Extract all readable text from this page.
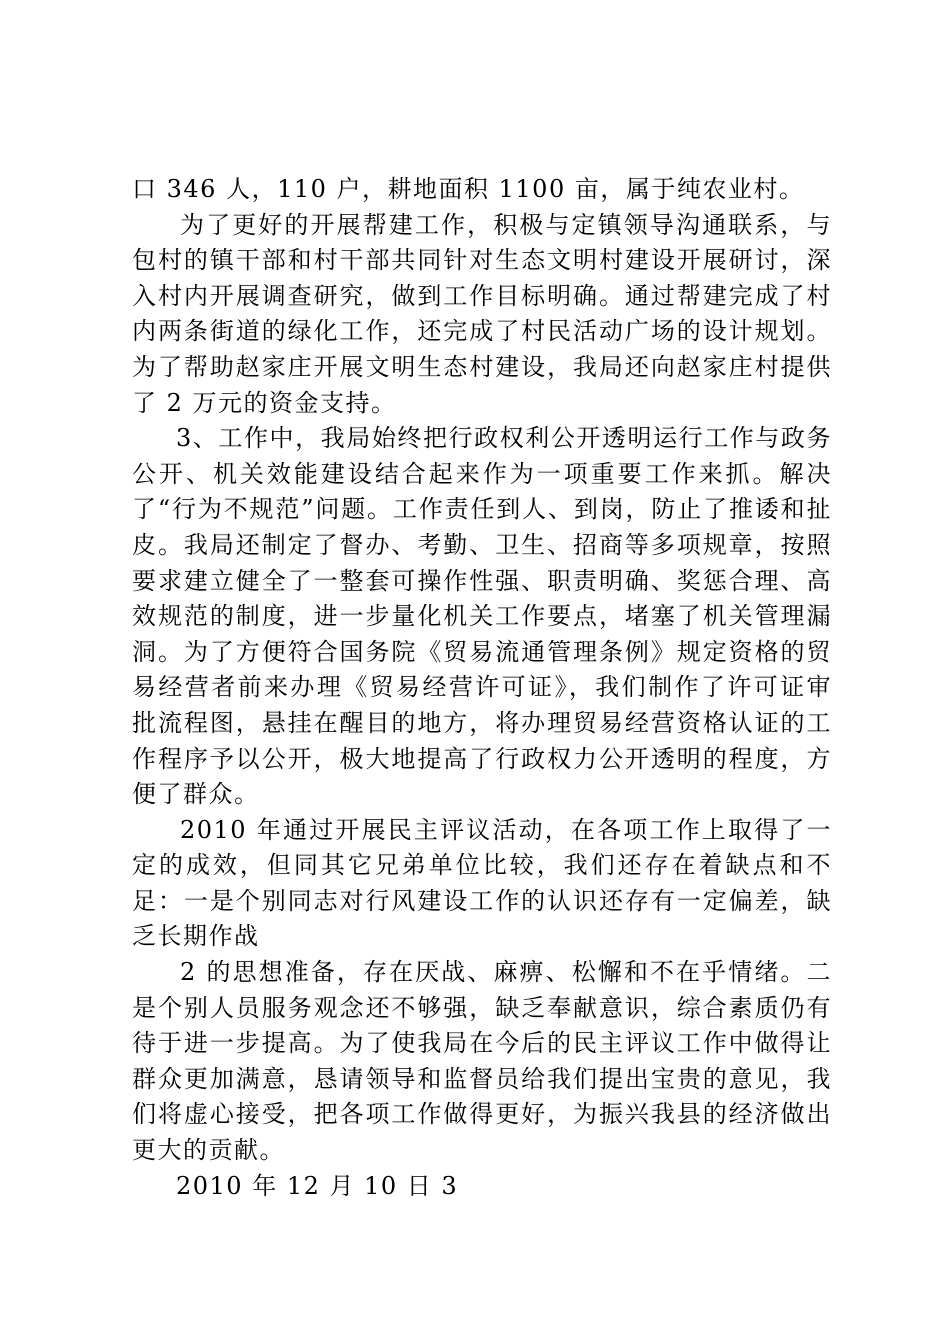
口 346 人，110 户，耕地面积 1100 亩，属于纯农业村。

为了更好的开展帮建工作，积极与定镇领导沟通联系，与包村的镇干部和村干部共同针对生态文明村建设开展研讨，深入村内开展调查研究，做到工作目标明确。通过帮建完成了村内两条街道的绿化工作，还完成了村民活动广场的设计规划。为了帮助赵家庄开展文明生态村建设，我局还向赵家庄村提供了 2 万元的资金支持。

3、工作中，我局始终把行政权利公开透明运行工作与政务公开、机关效能建设结合起来作为一项重要工作来抓。解决了“行为不规范”问题。工作责任到人、到岗，防止了推诿和扯皮。我局还制定了督办、考勤、卫生、招商等多项规章，按照要求建立健全了一整套可操作性强、职责明确、奖惩合理、高效规范的制度，进一步量化机关工作要点，堵塞了机关管理漏洞。为了方便符合国务院《贸易流通管理条例》规定资格的贸易经营者前来办理《贸易经营许可证》，我们制作了许可证审批流程图，悬挂在醒目的地方，将办理贸易经营资格认证的工作程序予以公开，极大地提高了行政权力公开透明的程度，方便了群众。

2010 年通过开展民主评议活动，在各项工作上取得了一定的成效，但同其它兄弟单位比较，我们还存在着缺点和不足：一是个别同志对行风建设工作的认识还存有一定偏差，缺乏长期作战

2 的思想准备，存在厌战、麻痹、松懈和不在乎情绪。二是个别人员服务观念还不够强，缺乏奉献意识，综合素质仍有待于进一步提高。为了使我局在今后的民主评议工作中做得让群众更加满意，恳请领导和监督员给我们提出宝贵的意见，我们将虚心接受，把各项工作做得更好，为振兴我县的经济做出更大的贡献。

2010 年 12 月 10 日 3
